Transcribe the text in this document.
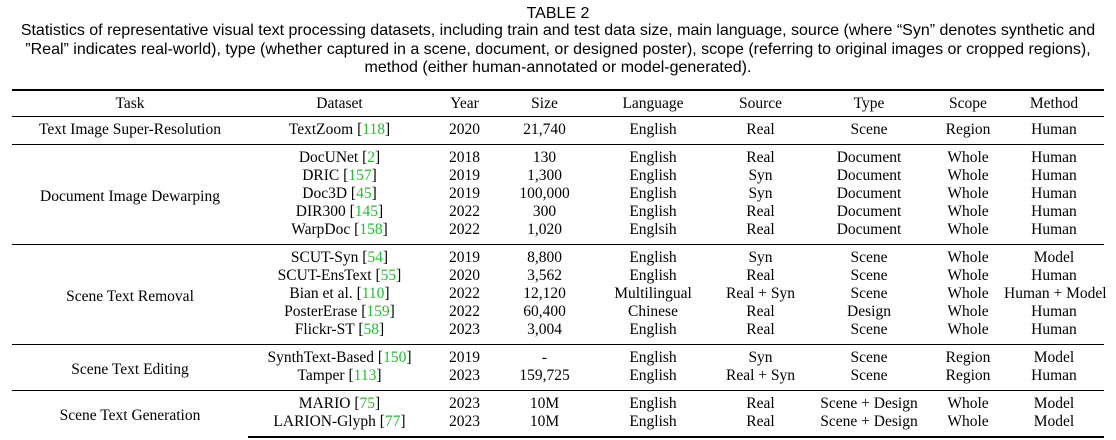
TABLE 2
Statistics of representative visual text processing datasets, including train and test data size, main language, source (where “Syn” denotes synthetic and ”Real” indicates real-world), type (whether captured in a scene, document, or designed poster), scope (referring to original images or cropped regions), method (either human-annotated or model-generated).
Task	Dataset	Year	Size	Language	Source	Type	Scope	Method
Text Image Super-Resolution	TextZoom [118]	2020	21,740	English	Real	Scene	Region	Human
Document Image Dewarping	DocUNet [2]	2018	130	English	Real	Document	Whole	Human
	DRIC [157]	2019	1,300	English	Syn	Document	Whole	Human
	Doc3D [45]	2019	100,000	English	Syn	Document	Whole	Human
	DIR300 [145]	2022	300	English	Real	Document	Whole	Human
	WarpDoc [158]	2022	1,020	Englsih	Real	Document	Whole	Human
Scene Text Removal	SCUT-Syn [54]	2019	8,800	English	Syn	Scene	Whole	Model
	SCUT-EnsText [55]	2020	3,562	English	Real	Scene	Whole	Human
	Bian et al. [110]	2022	12,120	Multilingual	Real + Syn	Scene	Whole	Human + Model
	PosterErase [159]	2022	60,400	Chinese	Real	Design	Whole	Human
	Flickr-ST [58]	2023	3,004	English	Real	Scene	Whole	Human
Scene Text Editing	SynthText-Based [150]	2019	-	English	Syn	Scene	Region	Model
	Tamper [113]	2023	159,725	English	Real + Syn	Scene	Region	Human
Scene Text Generation	MARIO [75]	2023	10M	English	Real	Scene + Design	Whole	Model
	LARION-Glyph [77]	2023	10M	English	Real	Scene + Design	Whole	Model
